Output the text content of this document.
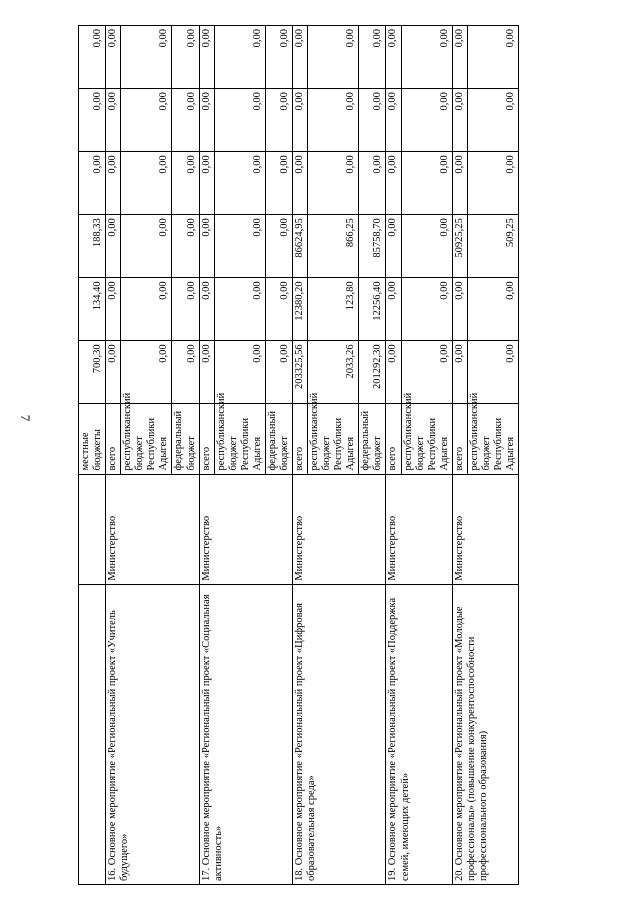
7
		местные бюджеты	700,30	134,40	188,33	0,00	0,00	0,00
16. Основное мероприятие «Региональный проект «Учитель будущего»	Министерство	всего	0,00	0,00	0,00	0,00	0,00	0,00
		республиканский бюджет Республики Адыгея	0,00	0,00	0,00	0,00	0,00	0,00
		федеральный бюджет	0,00	0,00	0,00	0,00	0,00	0,00
17. Основное мероприятие «Региональный проект «Социальная активность»	Министерство	всего	0,00	0,00	0,00	0,00	0,00	0,00
		республиканский бюджет Республики Адыгея	0,00	0,00	0,00	0,00	0,00	0,00
		федеральный бюджет	0,00	0,00	0,00	0,00	0,00	0,00
18. Основное мероприятие «Региональный проект «Цифровая образовательная среда»	Министерство	всего	203325,56	12380,20	86624,95	0,00	0,00	0,00
		республиканский бюджет Республики Адыгея	2033,26	123,80	866,25	0,00	0,00	0,00
		федеральный бюджет	201292,30	12256,40	85758,70	0,00	0,00	0,00
19. Основное мероприятие «Региональный проект «Поддержка семей, имеющих детей»	Министерство	всего	0,00	0,00	0,00	0,00	0,00	0,00
		республиканский бюджет Республики Адыгея	0,00	0,00	0,00	0,00	0,00	0,00
20. Основное мероприятие «Региональный проект «Молодые профессионалы» (повышение конкурентоспособности профессионального образования)	Министерство	всего	0,00	0,00	50925,25	0,00	0,00	0,00
		республиканский бюджет Республики Адыгея	0,00	0,00	509,25	0,00	0,00	0,00
